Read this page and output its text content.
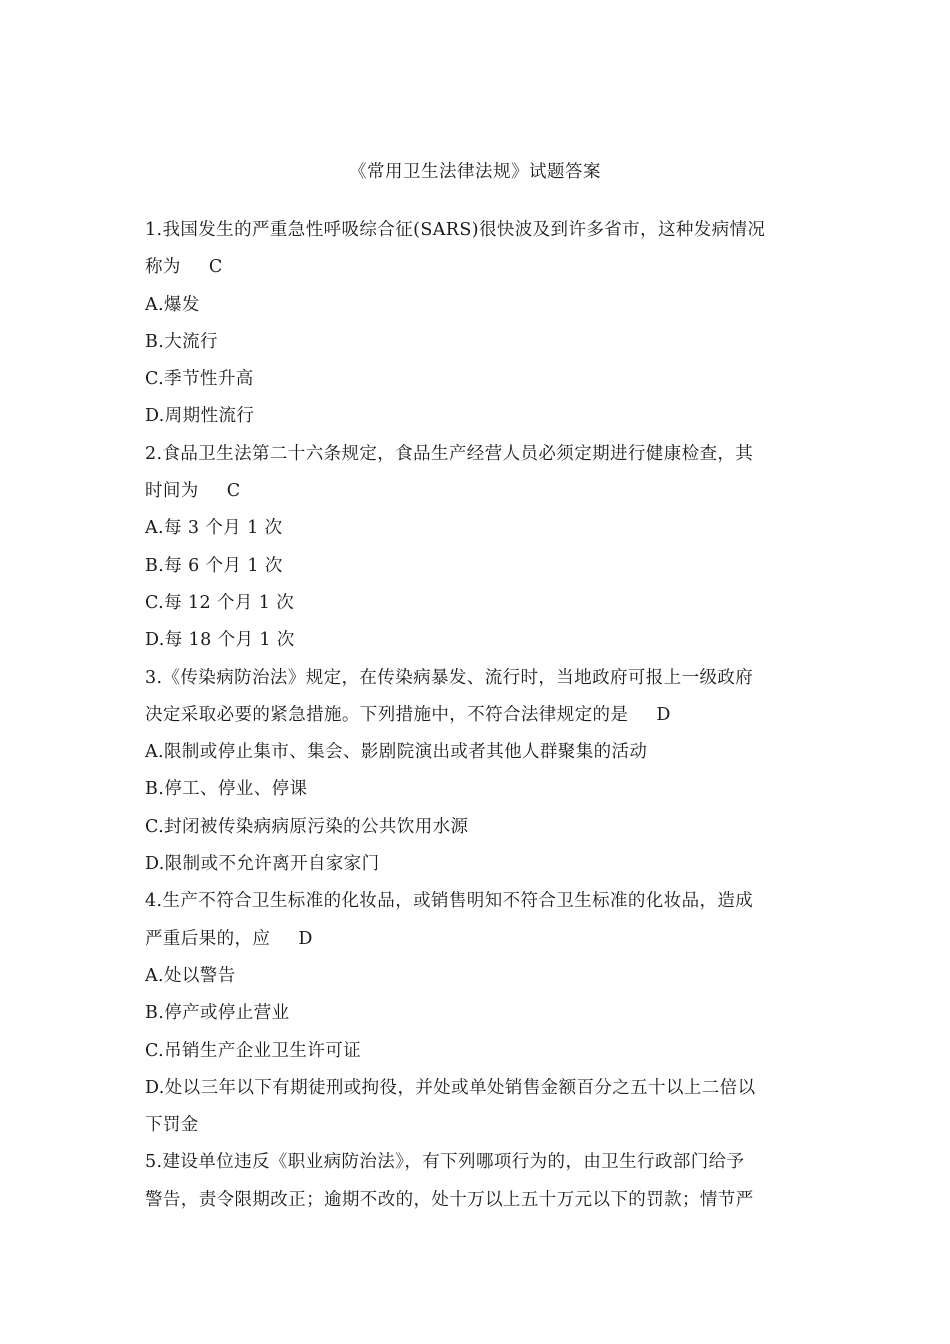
《常用卫生法律法规》试题答案
1.我国发生的严重急性呼吸综合征(SARS)很快波及到许多省市，这种发病情况
称为 C
A.爆发
B.大流行
C.季节性升高
D.周期性流行
2.食品卫生法第二十六条规定，食品生产经营人员必须定期进行健康检查，其
时间为 C
A.每 3 个月 1 次
B.每 6 个月 1 次
C.每 12 个月 1 次
D.每 18 个月 1 次
3.《传染病防治法》规定，在传染病暴发、流行时，当地政府可报上一级政府
决定采取必要的紧急措施。下列措施中，不符合法律规定的是 D
A.限制或停止集市、集会、影剧院演出或者其他人群聚集的活动
B.停工、停业、停课
C.封闭被传染病病原污染的公共饮用水源
D.限制或不允许离开自家家门
4.生产不符合卫生标准的化妆品，或销售明知不符合卫生标准的化妆品，造成
严重后果的，应 D
A.处以警告
B.停产或停止营业
C.吊销生产企业卫生许可证
D.处以三年以下有期徒刑或拘役，并处或单处销售金额百分之五十以上二倍以
下罚金
5.建设单位违反《职业病防治法》，有下列哪项行为的，由卫生行政部门给予
警告，责令限期改正；逾期不改的，处十万以上五十万元以下的罚款；情节严
